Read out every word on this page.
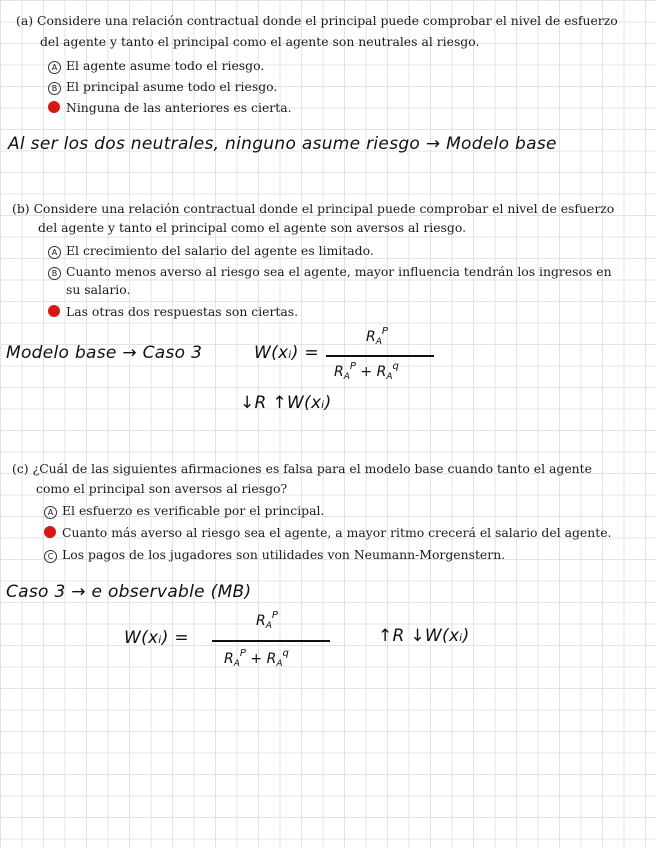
(a) Considere una relación contractual donde el principal puede comprobar el nivel de esfuerzo
del agente y tanto el principal como el agente son neutrales al riesgo.
A El agente asume todo el riesgo.
B El principal asume todo el riesgo.
Ninguna de las anteriores es cierta.
Al ser los dos neutrales, ninguno asume riesgo → Modelo base
(b) Considere una relación contractual donde el principal puede comprobar el nivel de esfuerzo
del agente y tanto el principal como el agente son aversos al riesgo.
A El crecimiento del salario del agente es limitado.
B Cuanto menos averso al riesgo sea el agente, mayor influencia tendrán los ingresos en
su salario.
Las otras dos respuestas son ciertas.
Modelo base → Caso 3	W(xᵢ) =
$R_A^P$
$R_A^P + R_A^q$
↓R ↑W(xᵢ)
(c) ¿Cuál de las siguientes afirmaciones es falsa para el modelo base cuando tanto el agente
como el principal son aversos al riesgo?
A El esfuerzo es verificable por el principal.
Cuanto más averso al riesgo sea el agente, a mayor ritmo crecerá el salario del agente.
C Los pagos de los jugadores son utilidades von Neumann-Morgenstern.
Caso 3 → e observable (MB)
W(xᵢ) =
$R_A^P$
$R_A^P + R_A^q$
↑R ↓W(xᵢ)
